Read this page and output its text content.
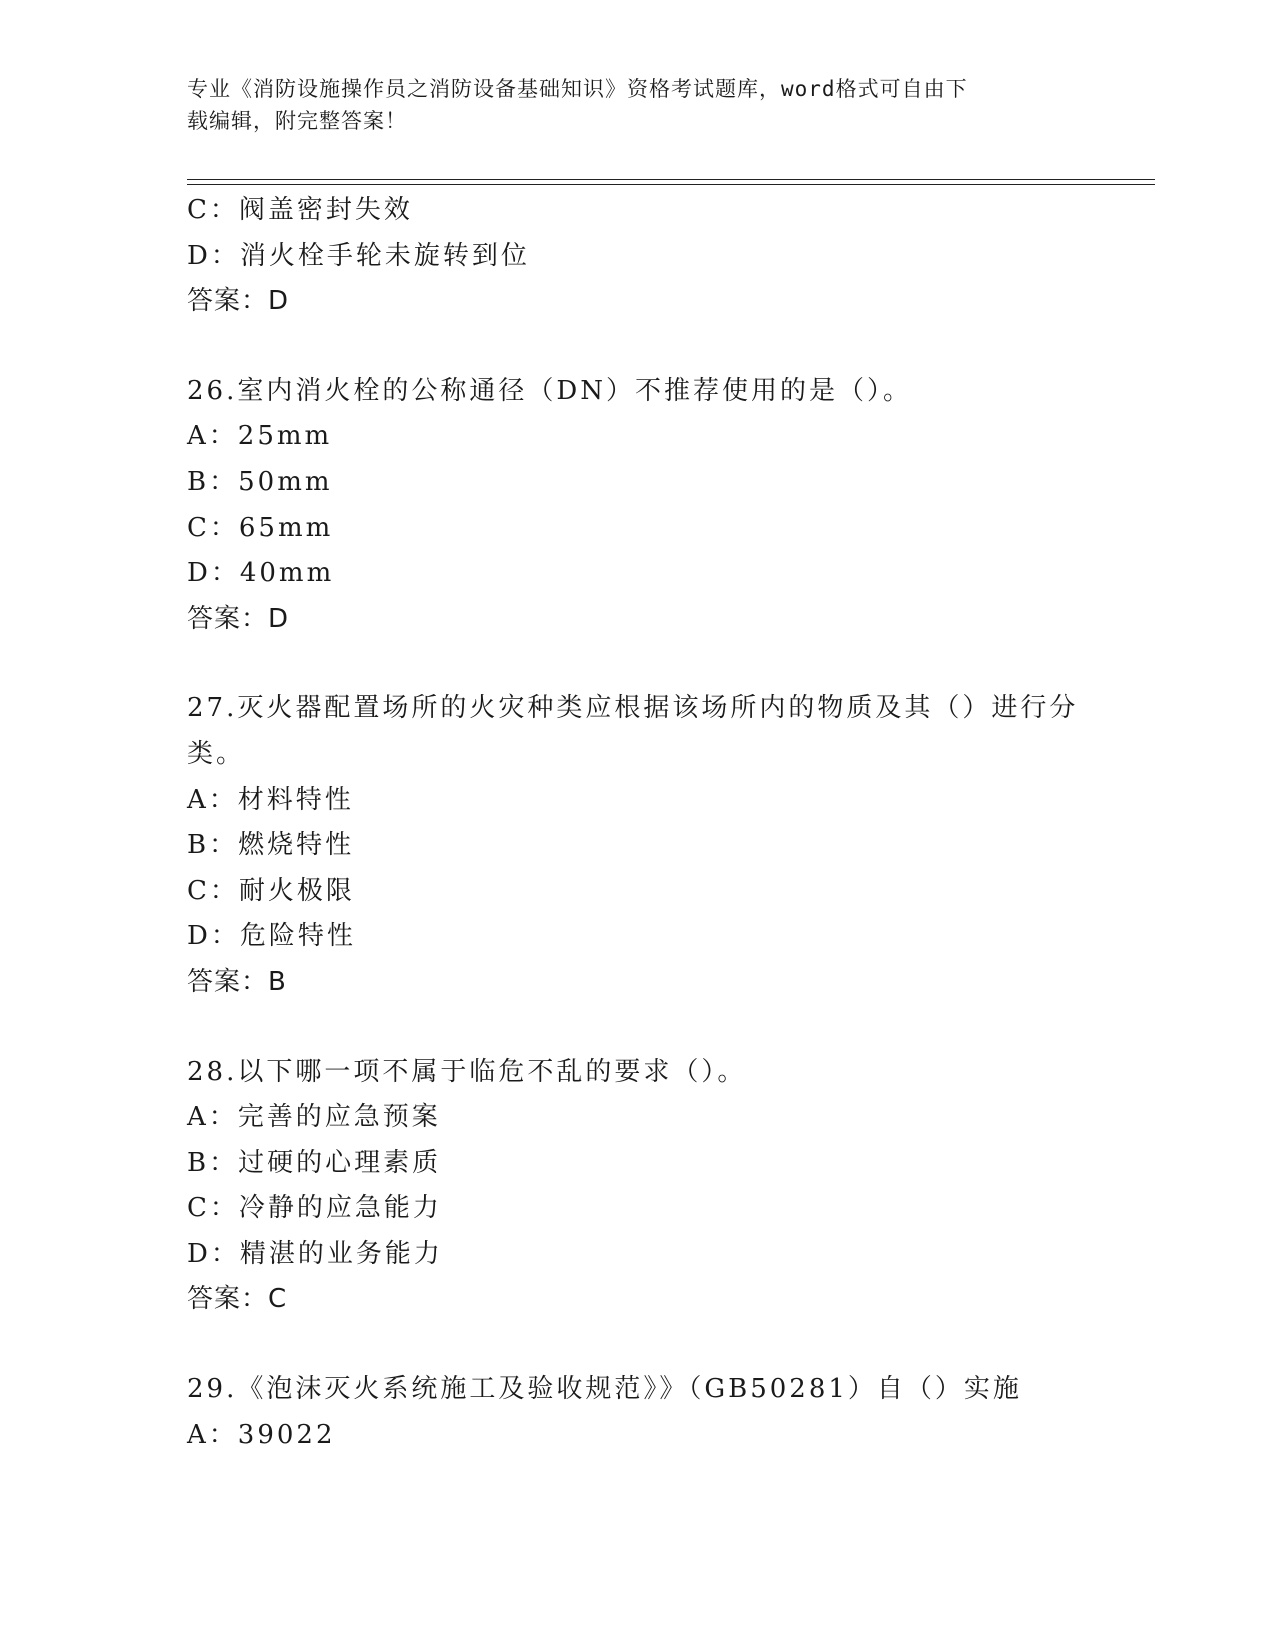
专业《消防设施操作员之消防设备基础知识》资格考试题库，word格式可自由下
载编辑，附完整答案！
C：阀盖密封失效
D：消火栓手轮未旋转到位
答案：D
26.室内消火栓的公称通径（DN）不推荐使用的是（）。
A：25mm
B：50mm
C：65mm
D：40mm
答案：D
27.灭火器配置场所的火灾种类应根据该场所内的物质及其（）进行分
类。
A：材料特性
B：燃烧特性
C：耐火极限
D：危险特性
答案：B
28.以下哪一项不属于临危不乱的要求（）。
A：完善的应急预案
B：过硬的心理素质
C：冷静的应急能力
D：精湛的业务能力
答案：C
29.《泡沫灭火系统施工及验收规范》》（GB50281）自（）实施
A：39022
